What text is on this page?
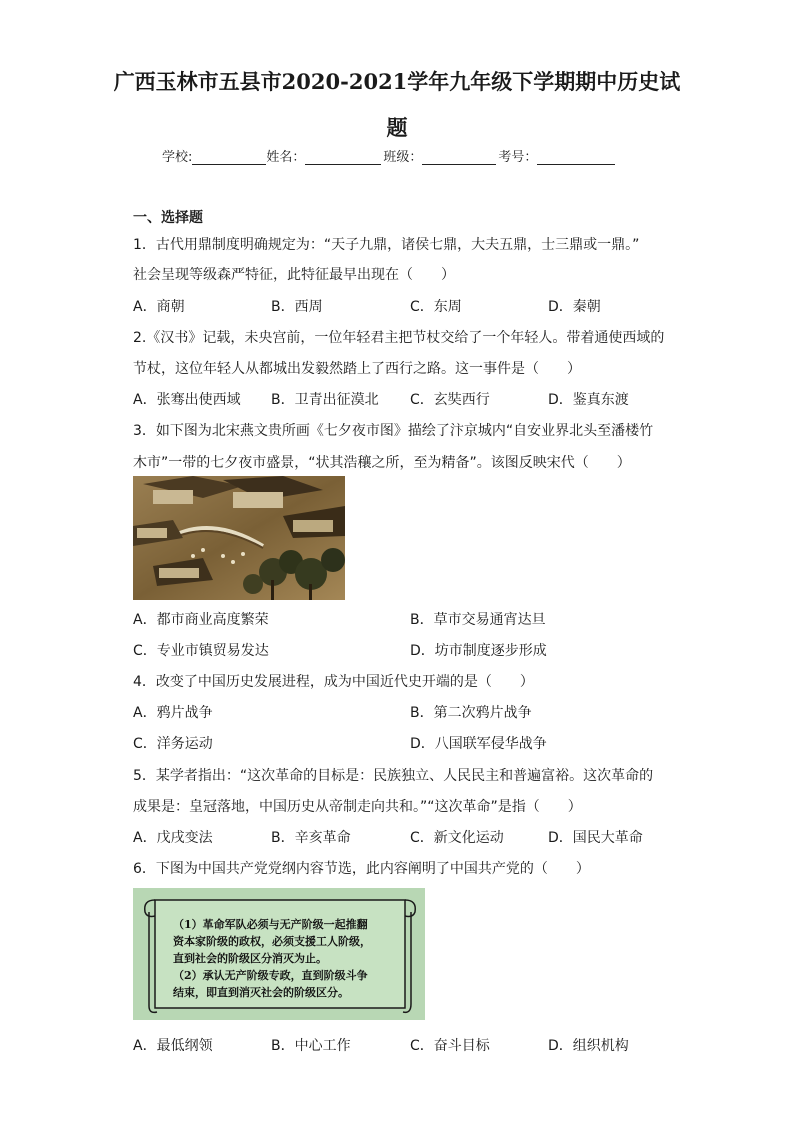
广西玉林市五县市2020-2021学年九年级下学期期中历史试
题
学校:	姓名：	班级：	考号：
一、选择题
1．古代用鼎制度明确规定为：“天子九鼎，诸侯七鼎，大夫五鼎，士三鼎或一鼎。”
社会呈现等级森严特征，此特征最早出现在（　　）
A．商朝	B．西周	C．东周	D．秦朝
2.《汉书》记载，未央宫前，一位年轻君主把节杖交给了一个年轻人。带着通使西域的
节杖，这位年轻人从都城出发毅然踏上了西行之路。这一事件是（　　）
A．张骞出使西域 B．卫青出征漠北 C．玄奘西行	D．鉴真东渡
3．如下图为北宋燕文贵所画《七夕夜市图》描绘了汴京城内“自安业界北头至潘楼竹
木市”一带的七夕夜市盛景，“状其浩穰之所，至为精备”。该图反映宋代（　　）
A．都市商业高度繁荣	B．草市交易通宵达旦
C．专业市镇贸易发达	D．坊市制度逐步形成
4．改变了中国历史发展进程，成为中国近代史开端的是（　　）
A．鸦片战争	B．第二次鸦片战争
C．洋务运动	D．八国联军侵华战争
5．某学者指出：“这次革命的目标是：民族独立、人民民主和普遍富裕。这次革命的
成果是：皇冠落地，中国历史从帝制走向共和。”“这次革命”是指（　　）
A．戊戌变法	B．辛亥革命	C．新文化运动	D．国民大革命
6．下图为中国共产党党纲内容节选，此内容阐明了中国共产党的（　　）
（1）革命军队必须与无产阶级一起推翻
资本家阶级的政权，必须支援工人阶级，
直到社会的阶级区分消灭为止。
（2）承认无产阶级专政，直到阶级斗争
结束，即直到消灭社会的阶级区分。
A．最低纲领	B．中心工作	C．奋斗目标	D．组织机构
